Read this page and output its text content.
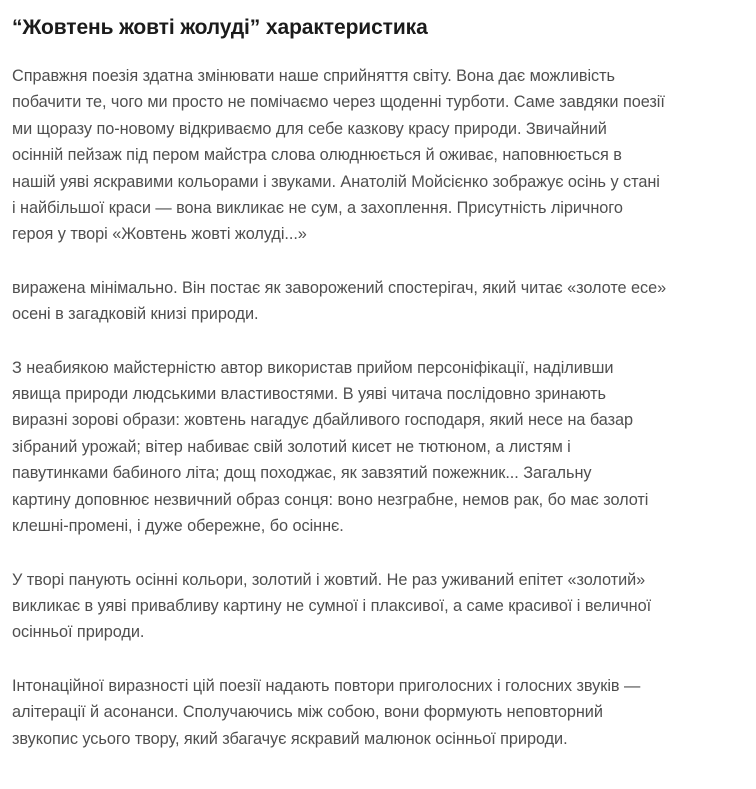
“Жовтень жовті жолуді” характеристика

Справжня поезія здатна змінювати наше сприйняття світу. Вона дає можливість
побачити те, чого ми просто не помічаємо через щоденні турботи. Саме завдяки поезії
ми щоразу по-новому відкриваємо для себе казкову красу природи. Звичайний
осінній пейзаж під пером майстра слова олюднюється й оживає, наповнюється в
нашій уяві яскравими кольорами і звуками. Анатолій Мойсієнко зображує осінь у стані
і найбільшої краси — вона викликає не сум, а захоплення. Присутність ліричного
героя у творі «Жовтень жовті жолуді...»

виражена мінімально. Він постає як заворожений спостерігач, який читає «золоте есе»
осені в загадковій книзі природи.

З неабиякою майстерністю автор використав прийом персоніфікації, наділивши
явища природи людськими властивостями. В уяві читача послідовно зринають
виразні зорові образи: жовтень нагадує дбайливого господаря, який несе на базар
зібраний урожай; вітер набиває свій золотий кисет не тютюном, а листям і
павутинками бабиного літа; дощ походжає, як завзятий пожежник... Загальну
картину доповнює незвичний образ сонця: воно незграбне, немов рак, бо має золоті
клешні-промені, і дуже обережне, бо осіннє.

У творі панують осінні кольори, золотий і жовтий. Не раз уживаний епітет «золотий»
викликає в уяві привабливу картину не сумної і плаксивої, а саме красивої і величної
осінньої природи.

Інтонаційної виразності цій поезії надають повтори приголосних і голосних звуків —
алітерації й асонанси. Сполучаючись між собою, вони формують неповторний
звукопис усього твору, який збагачує яскравий малюнок осінньої природи.
